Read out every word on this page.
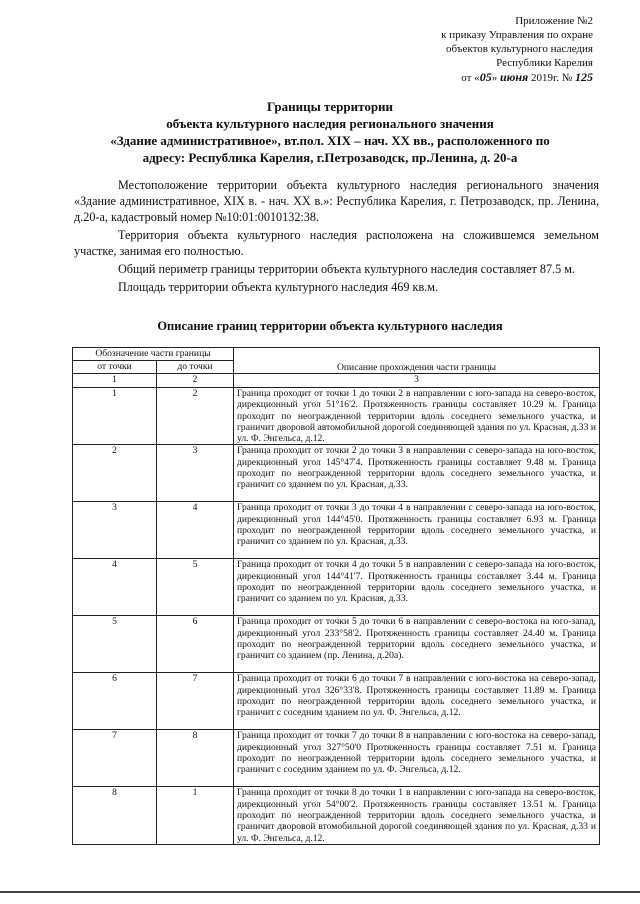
Приложение №2
к приказу Управления по охране
объектов культурного наследия
Республики Карелия
от «05» июня 2019г. № 125
Границы территории
объекта культурного наследия регионального значения
«Здание административное», вт.пол. XIX – нач. XX вв., расположенного по
адресу: Республика Карелия, г.Петрозаводск, пр.Ленина, д. 20-а

Местоположение территории объекта культурного наследия регионального значения «Здание административное, XIX в. - нач. XX в.»: Республика Карелия, г. Петрозаводск, пр. Ленина, д.20-а, кадастровый номер №10:01:0010132:38.

Территория объекта культурного наследия расположена на сложившемся земельном участке, занимая его полностью.

Общий периметр границы территории объекта культурного наследия составляет 87.5 м.

Площадь территории объекта культурного наследия 469 кв.м.

Описание границ территории объекта культурного наследия
Обозначение части границы		Описание прохождения части границы
от точки	до точки	
1	2	3
1	2	Граница проходит от точки 1 до точки 2 в направлении с юго-запада на северо-восток, дирекционный угол 51°16'2. Протяженность границы составляет 10.29 м. Граница проходит по неогражденной территории вдоль соседнего земельного участка, и граничит дворовой автомобильной дорогой соединяющей здания по ул. Красная, д.33 и ул. Ф. Энгельса, д.12.
2	3	Граница проходит от точки 2 до точки 3 в направлении с северо-запада на юго-восток, дирекционный угол 145°47'4. Протяженность границы составляет 9.48 м. Граница проходит по неогражденной территории вдоль соседнего земельного участка, и граничит со зданием по ул. Красная, д.33.
3	4	Граница проходит от точки 3 до точки 4 в направлении с северо-запада на юго-восток, дирекционный угол 144°45'0. Протяженность границы составляет 6.93 м. Граница проходит по неогражденной территории вдоль соседнего земельного участка, и граничит со зданием по ул. Красная, д.33.
4	5	Граница проходит от точки 4 до точки 5 в направлении с северо-запада на юго-восток, дирекционный угол 144°41'7. Протяженность границы составляет 3.44 м. Граница проходит по неогражденной территории вдоль соседнего земельного участка, и граничит со зданием по ул. Красная, д.33.
5	6	Граница проходит от точки 5 до точки 6 в направлении с северо-востока на юго-запад, дирекционный угол 233°58'2. Протяженность границы составляет 24.40 м. Граница проходит по неогражденной территории вдоль соседнего земельного участка, и граничит со зданием (пр. Ленина, д.20а).
6	7	Граница проходит от точки 6 до точки 7 в направлении с юго-востока на северо-запад, дирекционный угол 326°33'8. Протяженность границы составляет 11.89 м. Граница проходит по неогражденной территории вдоль соседнего земельного участка, и граничит с соседним зданием по ул. Ф. Энгельса, д.12.
7	8	Граница проходит от точки 7 до точки 8 в направлении с юго-востока на северо-запад, дирекционный угол 327°50'0 Протяженность границы составляет 7.51 м. Граница проходит по неогражденной территории вдоль соседнего земельного участка, и граничит с соседним зданием по ул. Ф. Энгельса, д.12.
8	1	Граница проходит от точки 8 до точки 1 в направлении с юго-запада на северо-восток, дирекционный угол 54°00'2. Протяженность границы составляет 13.51 м. Граница проходит по неогражденной территории вдоль соседнего земельного участка, и граничит дворовой втомобильной дорогой соединяющей здания по ул. Красная, д.33 и ул. Ф. Энгельса, д.12.
